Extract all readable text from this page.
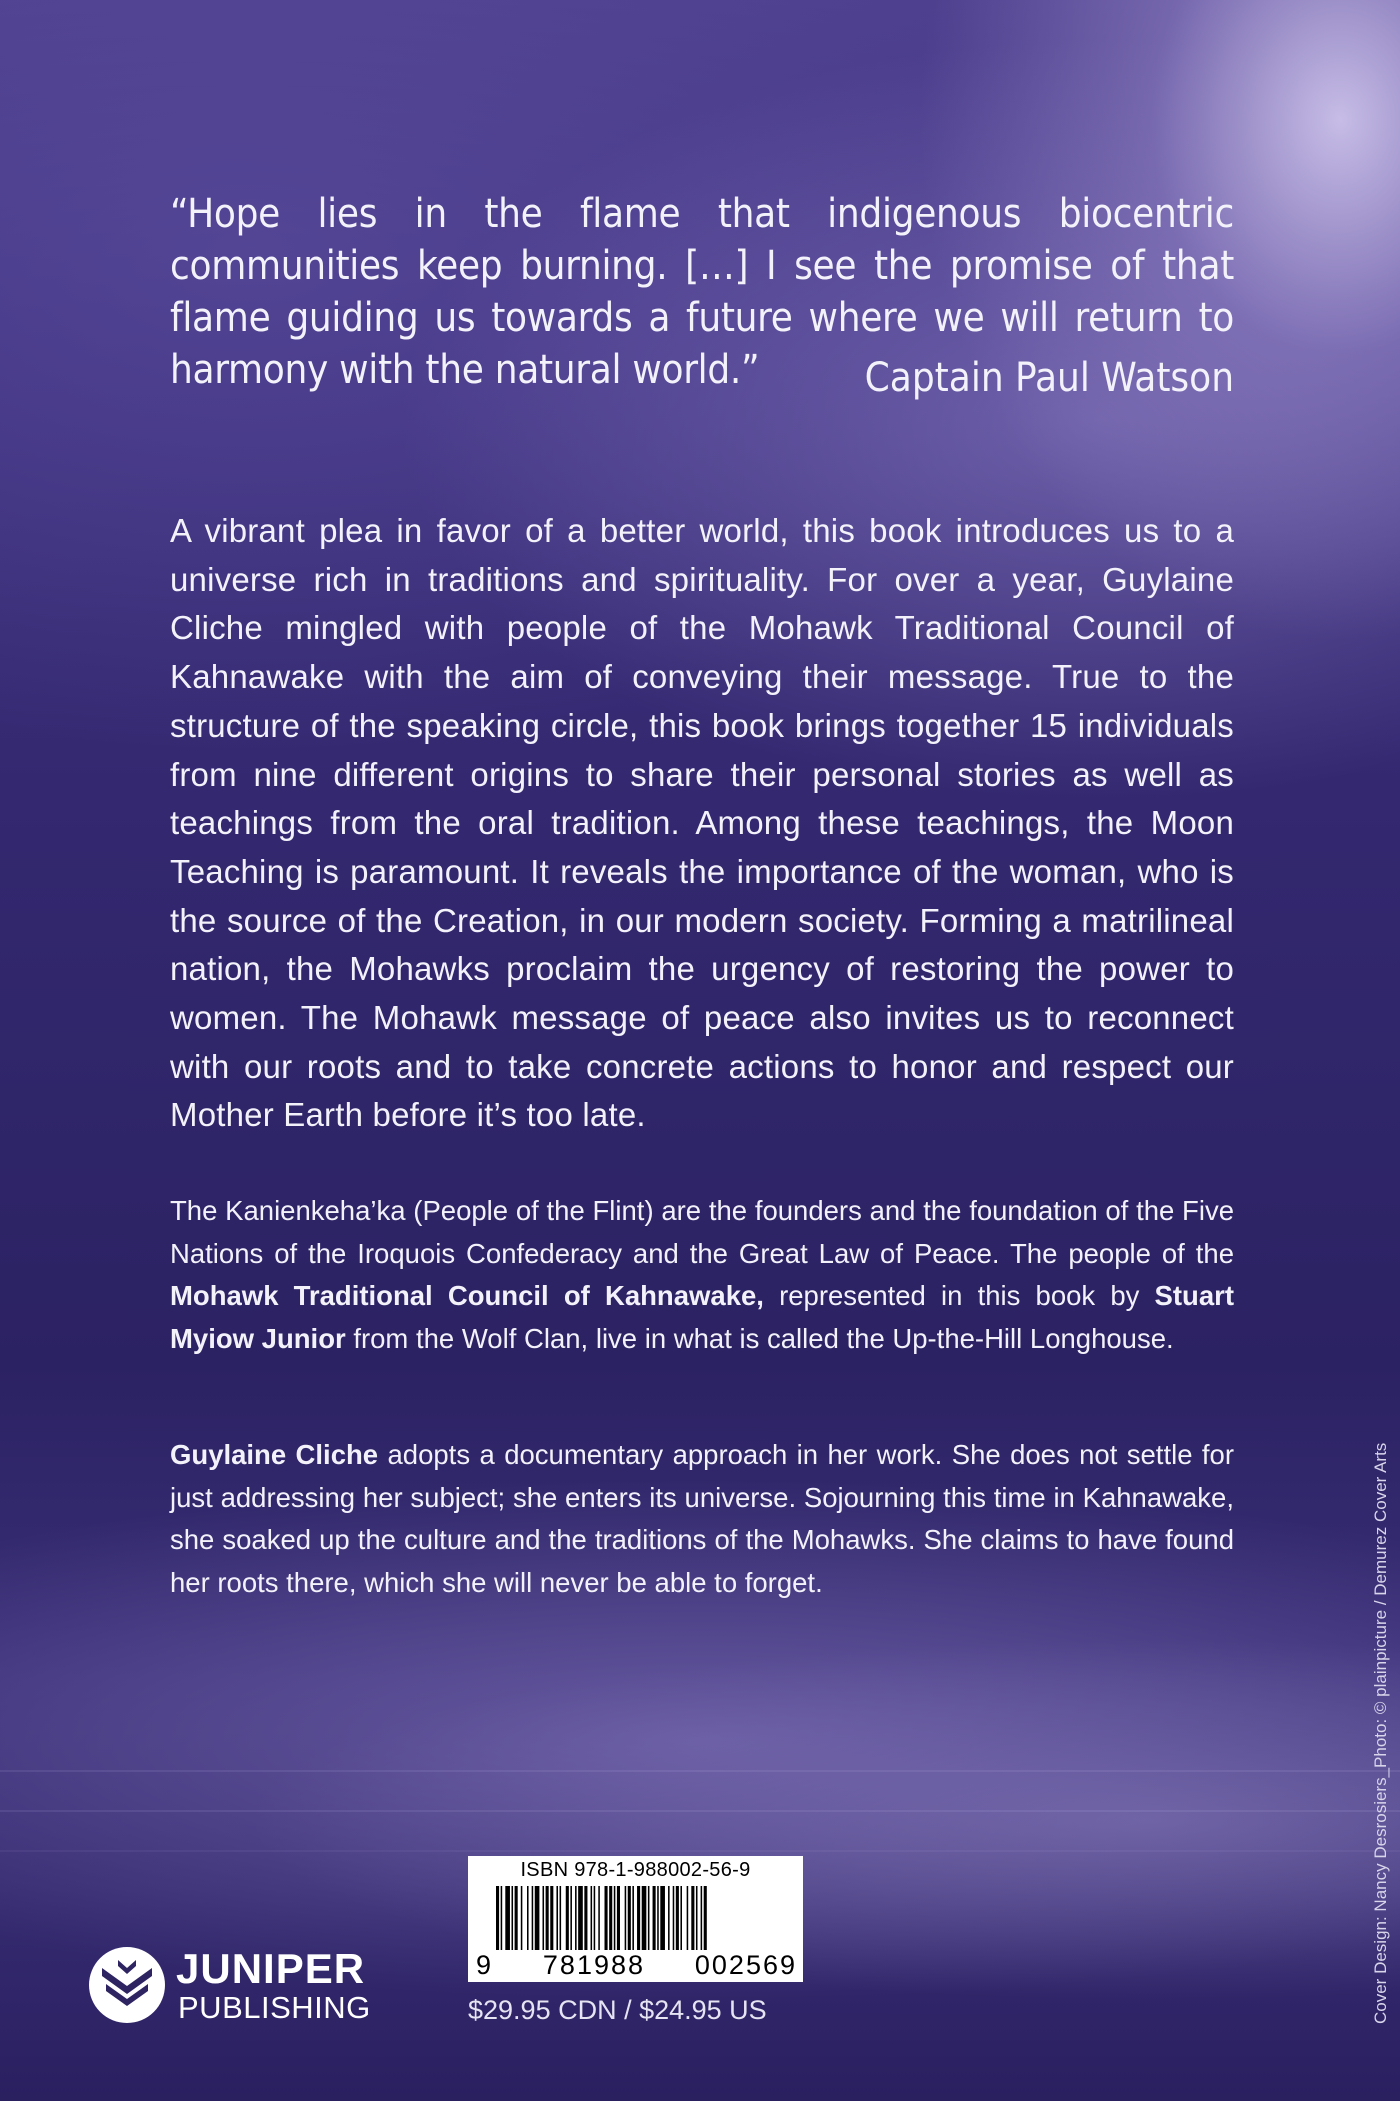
“Hope lies in the flame that indigenous biocentric communities keep burning. […] I see the promise of that flame guiding us towards a future where we will return to harmony with the natural world.”	Captain Paul Watson
A vibrant plea in favor of a better world, this book introduces us to a universe rich in traditions and spirituality. For over a year, Guylaine Cliche mingled with people of the Mohawk Traditional Council of Kahnawake with the aim of conveying their message. True to the structure of the speaking circle, this book brings together 15 individuals from nine different origins to share their personal stories as well as teachings from the oral tradition. Among these teachings, the Moon Teaching is paramount. It reveals the importance of the woman, who is the source of the Creation, in our modern society. Forming a matrilineal nation, the Mohawks proclaim the urgency of restoring the power to women. The Mohawk message of peace also invites us to reconnect with our roots and to take concrete actions to honor and respect our Mother Earth before it’s too late.
The Kanienkeha’ka (People of the Flint) are the founders and the foundation of the Five Nations of the Iroquois Confederacy and the Great Law of Peace. The people of the Mohawk Traditional Council of Kahnawake, represented in this book by Stuart Myiow Junior from the Wolf Clan, live in what is called the Up-the-Hill Longhouse.
Guylaine Cliche adopts a documentary approach in her work. She does not settle for just addressing her subject; she enters its universe. Sojourning this time in Kahnawake, she soaked up the culture and the traditions of the Mohawks. She claims to have found her roots there, which she will never be able to forget.
ISBN 978-1-988002-56-9
9 781988 002569
$29.95 CDN / $24.95 US
JUNIPER
PUBLISHING	Cover Design: Nancy Desrosiers_Photo: © plainpicture / Demurez Cover Arts
